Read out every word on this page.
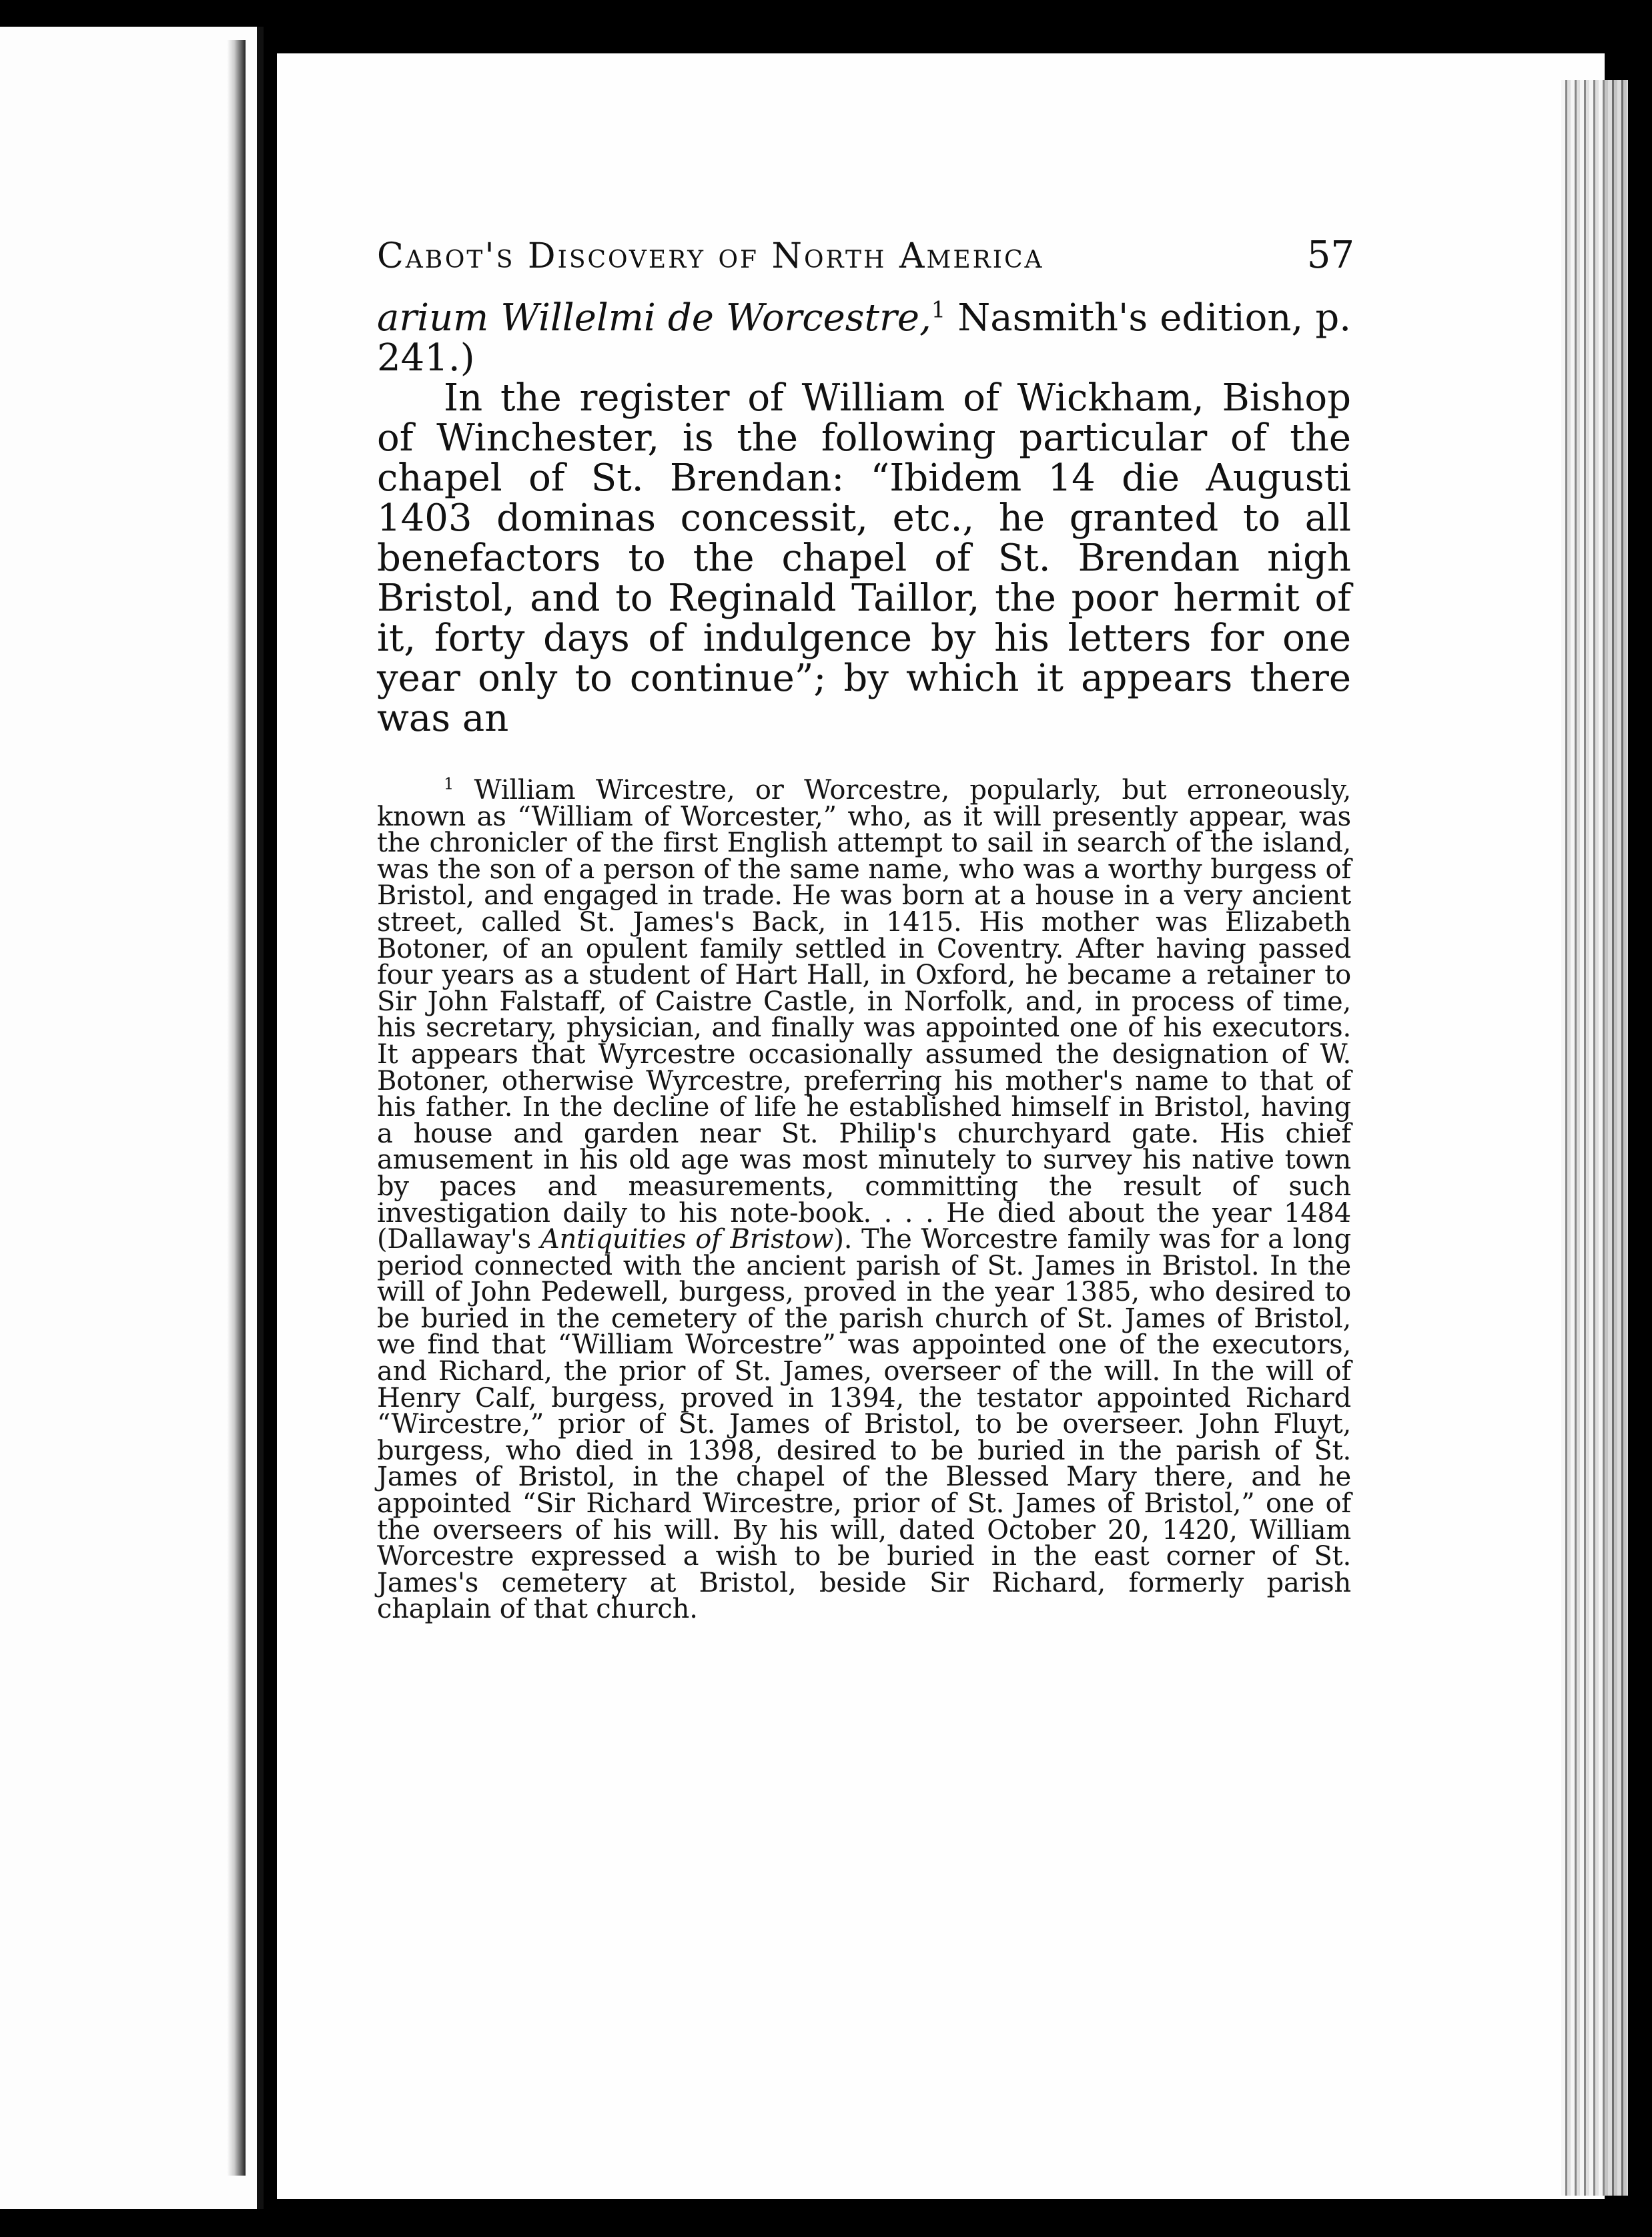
Cabot's Discovery of North America	57

arium Willelmi de Worcestre,$^1$ Nasmith's edition, p. 241.)

In the register of William of Wickham, Bishop of Winchester, is the following particular of the chapel of St. Brendan: “Ibidem 14 die Augusti 1403 dominas concessit, etc., he granted to all benefactors to the chapel of St. Brendan nigh Bristol, and to Reginald Taillor, the poor hermit of it, forty days of indulgence by his letters for one year only to continue”; by which it appears there was an

$^1$ William Wircestre, or Worcestre, popularly, but erroneously, known as “William of Worcester,” who, as it will presently appear, was the chronicler of the first English attempt to sail in search of the island, was the son of a person of the same name, who was a worthy burgess of Bristol, and engaged in trade. He was born at a house in a very ancient street, called St. James's Back, in 1415. His mother was Elizabeth Botoner, of an opulent family settled in Coventry. After having passed four years as a student of Hart Hall, in Oxford, he became a retainer to Sir John Falstaff, of Caistre Castle, in Norfolk, and, in process of time, his secretary, physician, and finally was appointed one of his executors. It appears that Wyrcestre occasionally assumed the designation of W. Botoner, otherwise Wyrcestre, preferring his mother's name to that of his father. In the decline of life he established himself in Bristol, having a house and garden near St. Philip's churchyard gate. His chief amusement in his old age was most minutely to survey his native town by paces and measurements, committing the result of such investigation daily to his note-book. . . . He died about the year 1484 (Dallaway's Antiquities of Bristow). The Worcestre family was for a long period connected with the ancient parish of St. James in Bristol. In the will of John Pedewell, burgess, proved in the year 1385, who desired to be buried in the cemetery of the parish church of St. James of Bristol, we find that “William Worcestre” was appointed one of the executors, and Richard, the prior of St. James, overseer of the will. In the will of Henry Calf, burgess, proved in 1394, the testator appointed Richard “Wircestre,” prior of St. James of Bristol, to be overseer. John Fluyt, burgess, who died in 1398, desired to be buried in the parish of St. James of Bristol, in the chapel of the Blessed Mary there, and he appointed “Sir Richard Wircestre, prior of St. James of Bristol,” one of the overseers of his will. By his will, dated October 20, 1420, William Worcestre expressed a wish to be buried in the east corner of St. James's cemetery at Bristol, beside Sir Richard, formerly parish chaplain of that church.
